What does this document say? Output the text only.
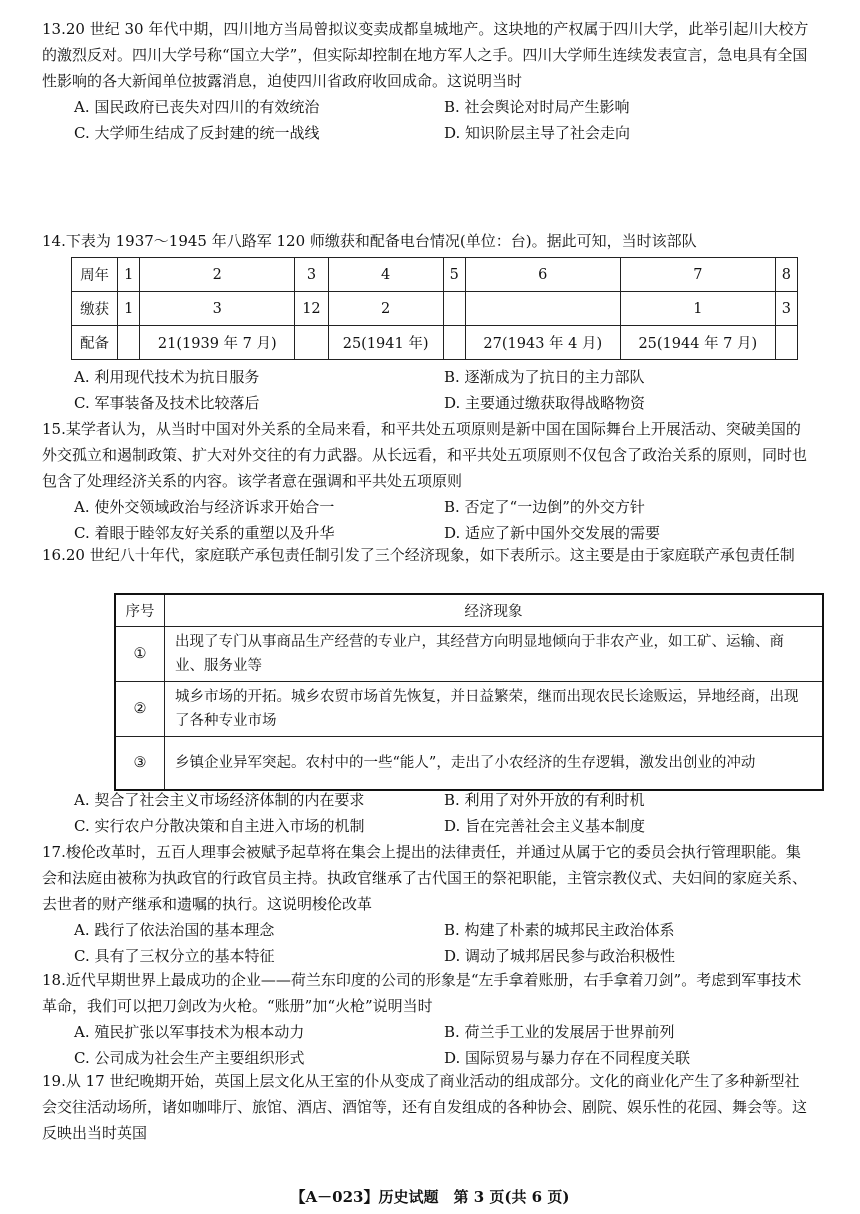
13.20 世纪 30 年代中期，四川地方当局曾拟议变卖成都皇城地产。这块地的产权属于四川大学，此举引起川大校方的激烈反对。四川大学号称“国立大学”，但实际却控制在地方军人之手。四川大学师生连续发表宣言，急电具有全国性影响的各大新闻单位披露消息，迫使四川省政府收回成命。这说明当时

A. 国民政府已丧失对四川的有效统治	B. 社会舆论对时局产生影响
C. 大学师生结成了反封建的统一战线	D. 知识阶层主导了社会走向

14.下表为 1937～1945 年八路军 120 师缴获和配备电台情况(单位：台)。据此可知，当时该部队

周年	1	2	3	4	5	6	7	8
缴获	1	3	12	2			1	3
配备		21(1939 年 7 月)		25(1941 年)		27(1943 年 4 月)	25(1944 年 7 月)	
A. 利用现代技术为抗日服务	B. 逐渐成为了抗日的主力部队
C. 军事装备及技术比较落后	D. 主要通过缴获取得战略物资

15.某学者认为，从当时中国对外关系的全局来看，和平共处五项原则是新中国在国际舞台上开展活动、突破美国的外交孤立和遏制政策、扩大对外交往的有力武器。从长远看，和平共处五项原则不仅包含了政治关系的原则，同时也包含了处理经济关系的内容。该学者意在强调和平共处五项原则

A. 使外交领域政治与经济诉求开始合一	B. 否定了“一边倒”的外交方针
C. 着眼于睦邻友好关系的重塑以及升华	D. 适应了新中国外交发展的需要

16.20 世纪八十年代，家庭联产承包责任制引发了三个经济现象，如下表所示。这主要是由于家庭联产承包责任制

序号	经济现象
①	出现了专门从事商品生产经营的专业户，其经营方向明显地倾向于非农产业，如工矿、运输、商业、服务业等
②	城乡市场的开拓。城乡农贸市场首先恢复，并日益繁荣，继而出现农民长途贩运，异地经商，出现了各种专业市场
③	乡镇企业异军突起。农村中的一些“能人”，走出了小农经济的生存逻辑，激发出创业的冲动
A. 契合了社会主义市场经济体制的内在要求	B. 利用了对外开放的有利时机
C. 实行农户分散决策和自主进入市场的机制	D. 旨在完善社会主义基本制度

17.梭伦改革时，五百人理事会被赋予起草将在集会上提出的法律责任，并通过从属于它的委员会执行管理职能。集会和法庭由被称为执政官的行政官员主持。执政官继承了古代国王的祭祀职能，主管宗教仪式、夫妇间的家庭关系、去世者的财产继承和遗嘱的执行。这说明梭伦改革

A. 践行了依法治国的基本理念	B. 构建了朴素的城邦民主政治体系
C. 具有了三权分立的基本特征	D. 调动了城邦居民参与政治积极性

18.近代早期世界上最成功的企业——荷兰东印度的公司的形象是“左手拿着账册，右手拿着刀剑”。考虑到军事技术革命，我们可以把刀剑改为火枪。“账册”加“火枪”说明当时

A. 殖民扩张以军事技术为根本动力	B. 荷兰手工业的发展居于世界前列
C. 公司成为社会生产主要组织形式	D. 国际贸易与暴力存在不同程度关联

19.从 17 世纪晚期开始，英国上层文化从王室的仆从变成了商业活动的组成部分。文化的商业化产生了多种新型社会交往活动场所，诸如咖啡厅、旅馆、酒店、酒馆等，还有自发组成的各种协会、剧院、娱乐性的花园、舞会等。这反映出当时英国

【A－023】历史试题　第 3 页(共 6 页)
